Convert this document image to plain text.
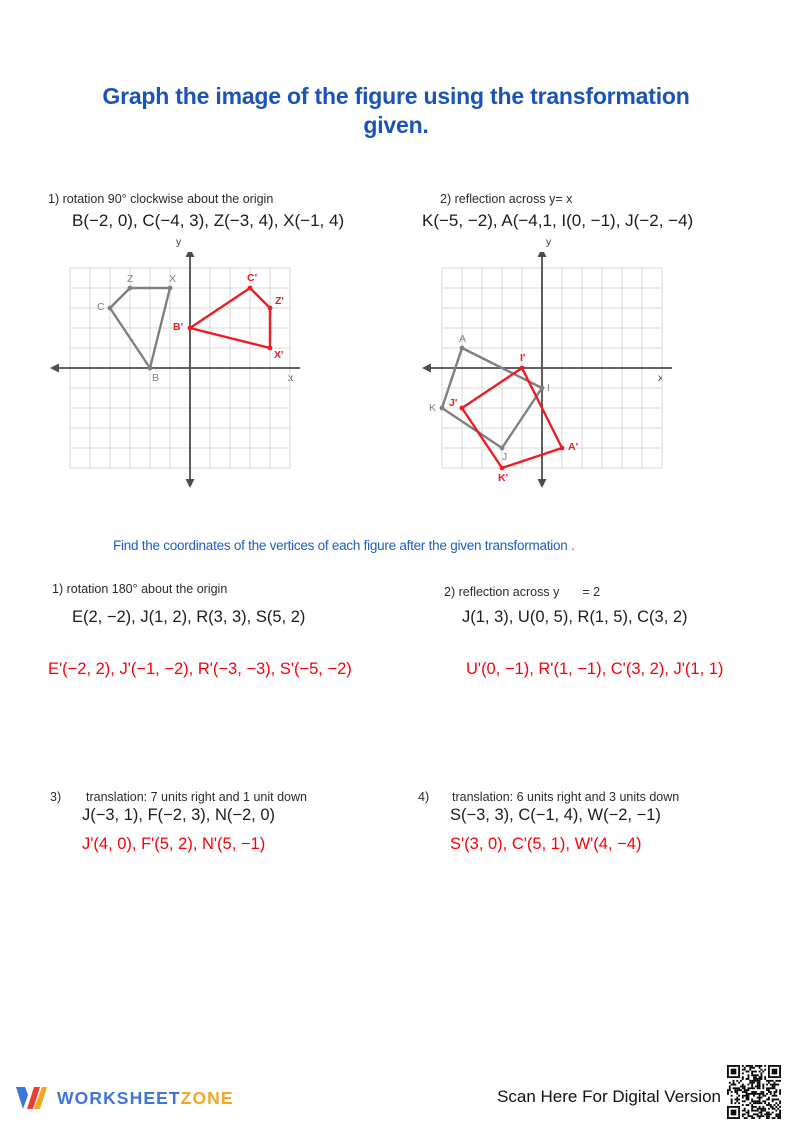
Graph the image of the figure using the transformation given.
1) rotation 90° clockwise about the origin
B(−2, 0), C(−4, 3), Z(−3, 4), X(−1, 4)
y
x
B
C
Z	X
B'
C'
Z'
X'
2) reflection across y= x
K(−5, −2), A(−4,1, I(0, −1), J(−2, −4)
y
x
K
A
I
J
K'
A'
I'
J'
Find the coordinates of the vertices of each figure after the given transformation .
1) rotation 180° about the origin
E(2, −2), J(1, 2), R(3, 3), S(5, 2)
E'(−2, 2), J'(−1, −2), R'(−3, −3), S'(−5, −2)
2) reflection across y = 2
J(1, 3), U(0, 5), R(1, 5), C(3, 2)
U'(0, −1), R'(1, −1), C'(3, 2), J'(1, 1)
3) translation: 7 units right and 1 unit down
J(−3, 1), F(−2, 3), N(−2, 0)
J'(4, 0), F'(5, 2), N'(5, −1)
4) translation: 6 units right and 3 units down
S(−3, 3), C(−1, 4), W(−2, −1)
S'(3, 0), C'(5, 1), W'(4, −4)
WORKSHEETZONE	Scan Here For Digital Version
